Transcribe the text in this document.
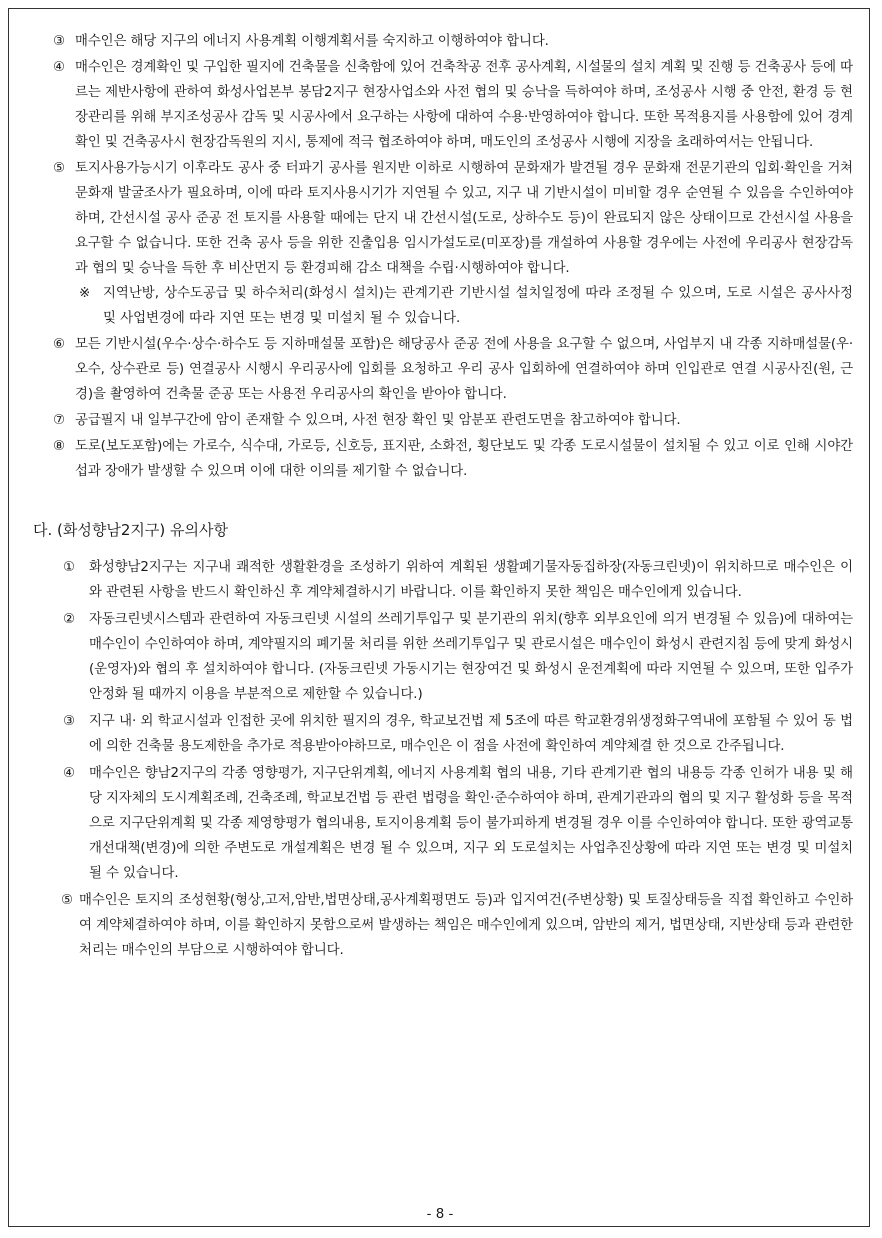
③ 매수인은 해당 지구의 에너지 사용계획 이행계획서를 숙지하고 이행하여야 합니다.

④ 매수인은 경계확인 및 구입한 필지에 건축물을 신축함에 있어 건축착공 전후 공사계획, 시설물의 설치 계획 및 진행 등 건축공사 등에 따르는 제반사항에 관하여 화성사업본부 봉담2지구 현장사업소와 사전 협의 및 승낙을 득하여야 하며, 조성공사 시행 중 안전, 환경 등 현장관리를 위해 부지조성공사 감독 및 시공사에서 요구하는 사항에 대하여 수용·반영하여야 합니다. 또한 목적용지를 사용함에 있어 경계 확인 및 건축공사시 현장감독원의 지시, 통제에 적극 협조하여야 하며, 매도인의 조성공사 시행에 지장을 초래하여서는 안됩니다.

⑤ 토지사용가능시기 이후라도 공사 중 터파기 공사를 원지반 이하로 시행하여 문화재가 발견될 경우 문화재 전문기관의 입회·확인을 거쳐 문화재 발굴조사가 필요하며, 이에 따라 토지사용시기가 지연될 수 있고, 지구 내 기반시설이 미비할 경우 순연될 수 있음을 수인하여야 하며, 간선시설 공사 준공 전 토지를 사용할 때에는 단지 내 간선시설(도로, 상하수도 등)이 완료되지 않은 상태이므로 간선시설 사용을 요구할 수 없습니다. 또한 건축 공사 등을 위한 진출입용 임시가설도로(미포장)를 개설하여 사용할 경우에는 사전에 우리공사 현장감독과 협의 및 승낙을 득한 후 비산먼지 등 환경피해 감소 대책을 수립·시행하여야 합니다.

※ 지역난방, 상수도공급 및 하수처리(화성시 설치)는 관계기관 기반시설 설치일정에 따라 조정될 수 있으며, 도로 시설은 공사사정 및 사업변경에 따라 지연 또는 변경 및 미설치 될 수 있습니다.

⑥ 모든 기반시설(우수·상수·하수도 등 지하매설물 포함)은 해당공사 준공 전에 사용을 요구할 수 없으며, 사업부지 내 각종 지하매설물(우·오수, 상수관로 등) 연결공사 시행시 우리공사에 입회를 요청하고 우리 공사 입회하에 연결하여야 하며 인입관로 연결 시공사진(원, 근경)을 촬영하여 건축물 준공 또는 사용전 우리공사의 확인을 받아야 합니다.

⑦ 공급필지 내 일부구간에 암이 존재할 수 있으며, 사전 현장 확인 및 암분포 관련도면을 참고하여야 합니다.

⑧ 도로(보도포함)에는 가로수, 식수대, 가로등, 신호등, 표지판, 소화전, 횡단보도 및 각종 도로시설물이 설치될 수 있고 이로 인해 시야간섭과 장애가 발생할 수 있으며 이에 대한 이의를 제기할 수 없습니다.

다. (화성향남2지구) 유의사항

①	화성향남2지구는 지구내 쾌적한 생활환경을 조성하기 위하여 계획된 생활폐기물자동집하장(자동크린넷)이 위치하므로 매수인은 이와 관련된 사항을 반드시 확인하신 후 계약체결하시기 바랍니다. 이를 확인하지 못한 책임은 매수인에게 있습니다.

②	자동크린넷시스템과 관련하여 자동크린넷 시설의 쓰레기투입구 및 분기관의 위치(향후 외부요인에 의거 변경될 수 있음)에 대하여는 매수인이 수인하여야 하며, 계약필지의 폐기물 처리를 위한 쓰레기투입구 및 관로시설은 매수인이 화성시 관련지침 등에 맞게 화성시(운영자)와 협의 후 설치하여야 합니다. (자동크린넷 가동시기는 현장여건 및 화성시 운전계획에 따라 지연될 수 있으며, 또한 입주가 안정화 될 때까지 이용을 부분적으로 제한할 수 있습니다.)

③	지구 내· 외 학교시설과 인접한 곳에 위치한 필지의 경우, 학교보건법 제 5조에 따른 학교환경위생정화구역내에 포함될 수 있어 동 법에 의한 건축물 용도제한을 추가로 적용받아야하므로, 매수인은 이 점을 사전에 확인하여 계약체결 한 것으로 간주됩니다.

④	매수인은 향남2지구의 각종 영향평가, 지구단위계획, 에너지 사용계획 협의 내용, 기타 관계기관 협의 내용등 각종 인허가 내용 및 해당 지자체의 도시계획조례, 건축조례, 학교보건법 등 관련 법령을 확인·준수하여야 하며, 관계기관과의 협의 및 지구 활성화 등을 목적으로 지구단위계획 및 각종 제영향평가 협의내용, 토지이용계획 등이 불가피하게 변경될 경우 이를 수인하여야 합니다. 또한 광역교통개선대책(변경)에 의한 주변도로 개설계획은 변경 될 수 있으며, 지구 외 도로설치는 사업추진상황에 따라 지연 또는 변경 및 미설치 될 수 있습니다.

⑤ 매수인은 토지의 조성현황(형상,고저,암반,법면상태,공사계획평면도 등)과 입지여건(주변상황) 및 토질상태등을 직접 확인하고 수인하여 계약체결하여야 하며, 이를 확인하지 못함으로써 발생하는 책임은 매수인에게 있으며, 암반의 제거, 법면상태, 지반상태 등과 관련한 처리는 매수인의 부담으로 시행하여야 합니다.

- 8 -
